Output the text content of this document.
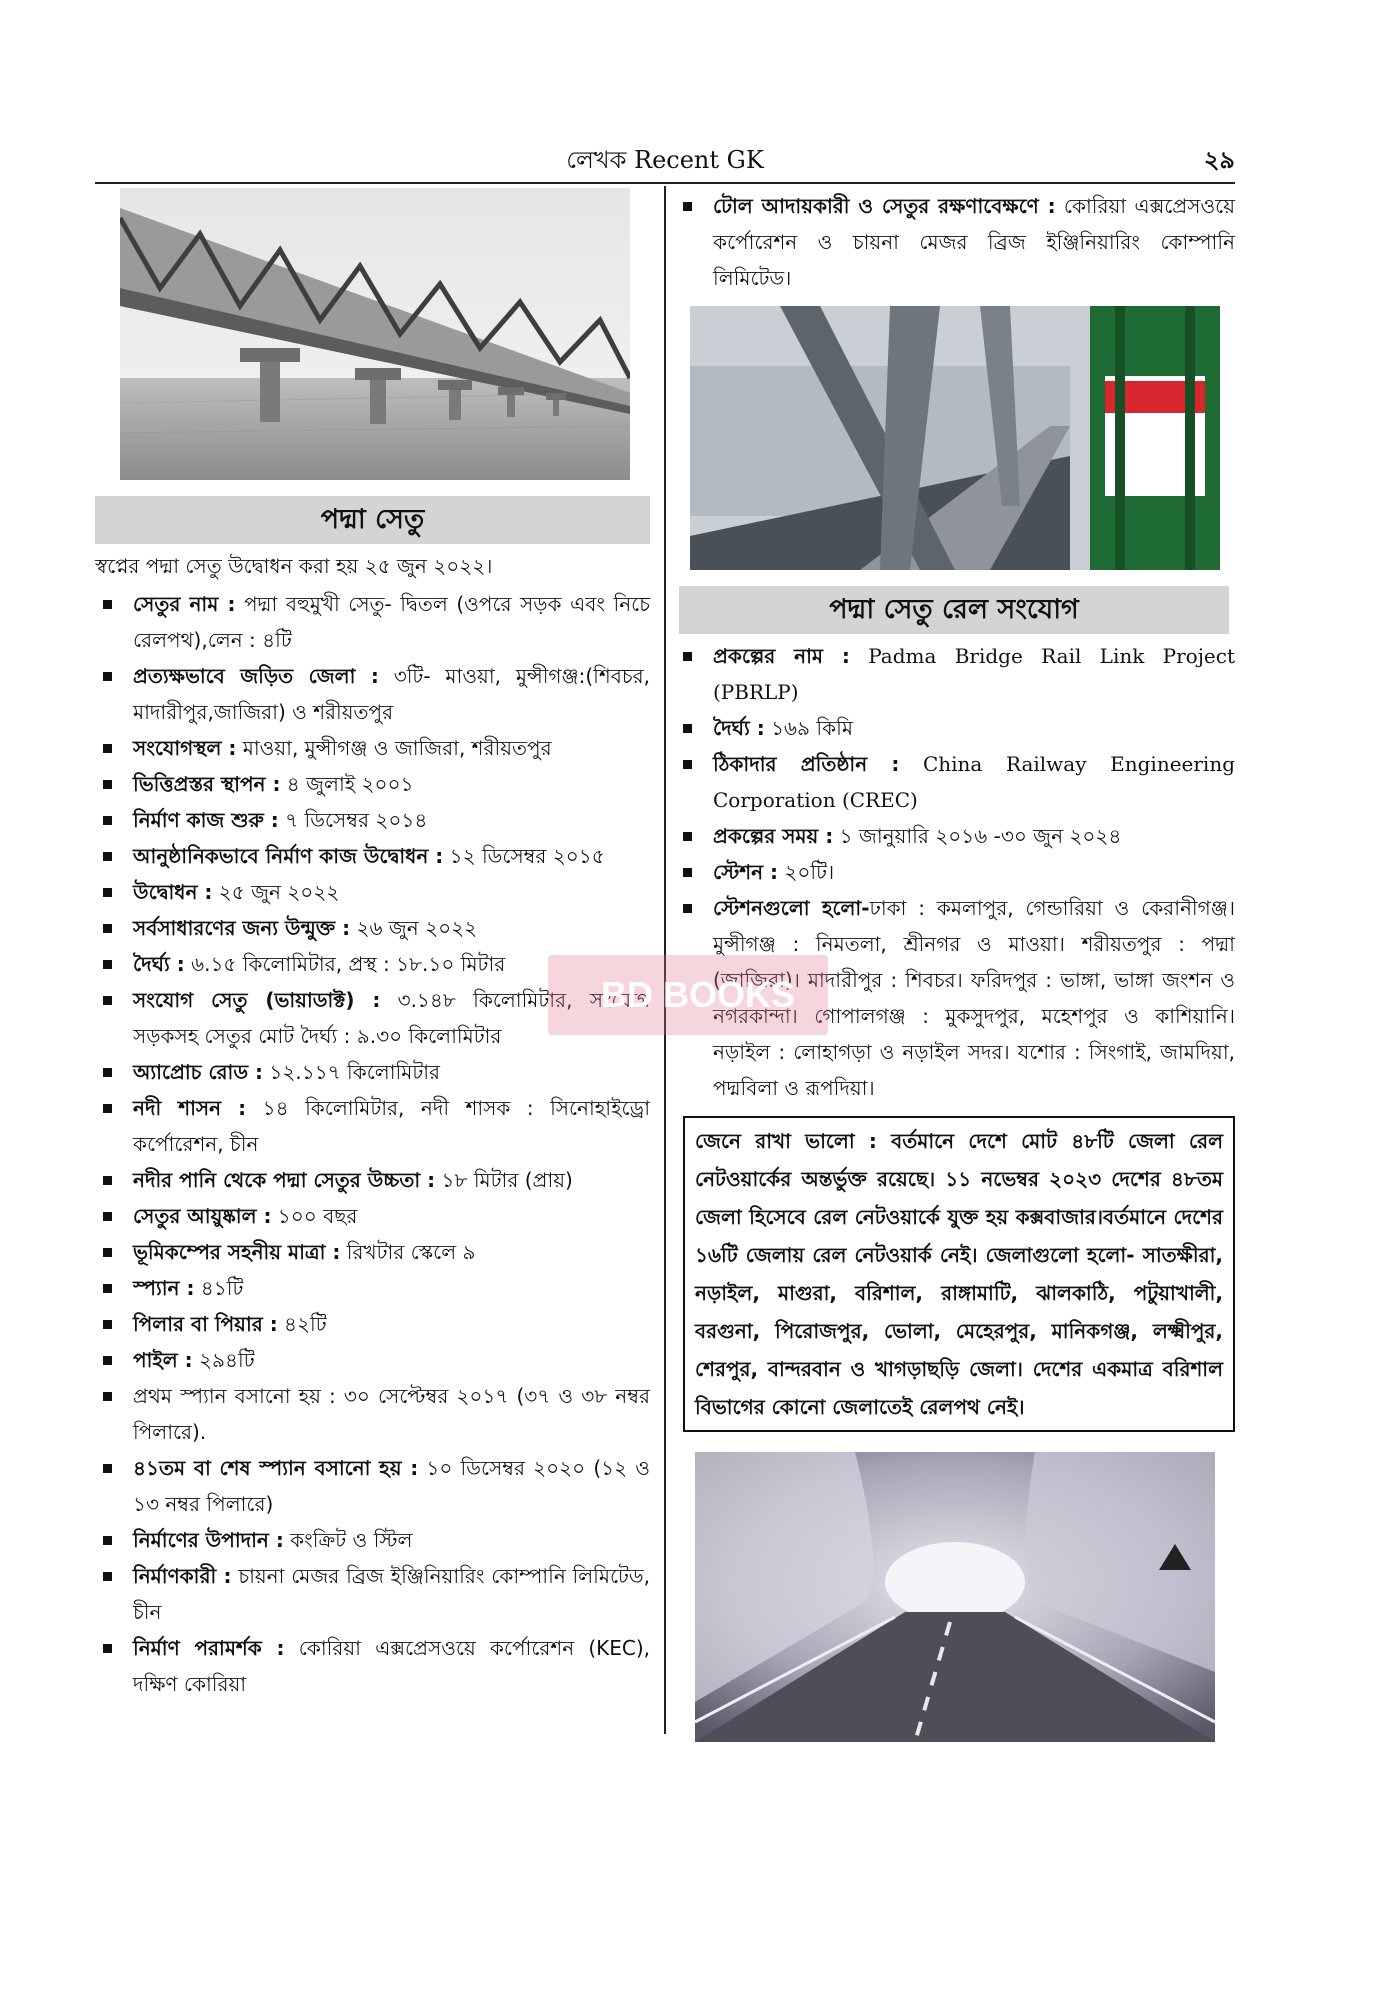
লেখক Recent GK	২৯
পদ্মা সেতু
স্বপ্নের পদ্মা সেতু উদ্বোধন করা হয় ২৫ জুন ২০২২।
সেতুর নাম : পদ্মা বহুমুখী সেতু- দ্বিতল (ওপরে সড়ক এবং নিচে রেলপথ),লেন : ৪টি
প্রত্যক্ষভাবে জড়িত জেলা : ৩টি- মাওয়া, মুন্সীগঞ্জ:(শিবচর, মাদারীপুর,জাজিরা) ও শরীয়তপুর
সংযোগস্থল : মাওয়া, মুন্সীগঞ্জ ও জাজিরা, শরীয়তপুর
ভিত্তিপ্রস্তর স্থাপন : ৪ জুলাই ২০০১
নির্মাণ কাজ শুরু : ৭ ডিসেম্বর ২০১৪
আনুষ্ঠানিকভাবে নির্মাণ কাজ উদ্বোধন : ১২ ডিসেম্বর ২০১৫
উদ্বোধন : ২৫ জুন ২০২২
সর্বসাধারণের জন্য উন্মুক্ত : ২৬ জুন ২০২২
দৈর্ঘ্য : ৬.১৫ কিলোমিটার, প্রস্থ : ১৮.১০ মিটার
সংযোগ সেতু (ভায়াডাক্ট) : ৩.১৪৮ কিলোমিটার, সংযোগ সড়কসহ সেতুর মোট দৈর্ঘ্য : ৯.৩০ কিলোমিটার
অ্যাপ্রোচ রোড : ১২.১১৭ কিলোমিটার
নদী শাসন : ১৪ কিলোমিটার, নদী শাসক : সিনোহাইড্রো কর্পোরেশন, চীন
নদীর পানি থেকে পদ্মা সেতুর উচ্চতা : ১৮ মিটার (প্রায়)
সেতুর আয়ুষ্কাল : ১০০ বছর
ভূমিকম্পের সহনীয় মাত্রা : রিখটার স্কেলে ৯
স্প্যান : ৪১টি
পিলার বা পিয়ার : ৪২টি
পাইল : ২৯৪টি
প্রথম স্প্যান বসানো হয় : ৩০ সেপ্টেম্বর ২০১৭ (৩৭ ও ৩৮ নম্বর পিলারে).
৪১তম বা শেষ স্প্যান বসানো হয় : ১০ ডিসেম্বর ২০২০ (১২ ও ১৩ নম্বর পিলারে)
নির্মাণের উপাদান : কংক্রিট ও স্টিল
নির্মাণকারী : চায়না মেজর ব্রিজ ইঞ্জিনিয়ারিং কোম্পানি লিমিটেড, চীন
নির্মাণ পরামর্শক : কোরিয়া এক্সপ্রেসওয়ে কর্পোরেশন (KEC), দক্ষিণ কোরিয়া
টোল আদায়কারী ও সেতুর রক্ষণাবেক্ষণে : কোরিয়া এক্সপ্রেসওয়ে কর্পোরেশন ও চায়না মেজর ব্রিজ ইঞ্জিনিয়ারিং কোম্পানি লিমিটেড।
পদ্মা সেতু রেল সংযোগ
প্রকল্পের নাম : Padma Bridge Rail Link Project (PBRLP)
দৈর্ঘ্য : ১৬৯ কিমি
ঠিকাদার প্রতিষ্ঠান : China Railway Engineering Corporation (CREC)
প্রকল্পের সময় : ১ জানুয়ারি ২০১৬ -৩০ জুন ২০২৪
স্টেশন : ২০টি।
স্টেশনগুলো হলো-ঢাকা : কমলাপুর, গেন্ডারিয়া ও কেরানীগঞ্জ। মুন্সীগঞ্জ : নিমতলা, শ্রীনগর ও মাওয়া। শরীয়তপুর : পদ্মা (জাজিরা)। মাদারীপুর : শিবচর। ফরিদপুর : ভাঙ্গা, ভাঙ্গা জংশন ও নগরকান্দা। গোপালগঞ্জ : মুকসুদপুর, মহেশপুর ও কাশিয়ানি। নড়াইল : লোহাগড়া ও নড়াইল সদর। যশোর : সিংগাই, জামদিয়া, পদ্মবিলা ও রূপদিয়া।
জেনে রাখা ভালো : বর্তমানে দেশে মোট ৪৮টি জেলা রেল নেটওয়ার্কের অন্তর্ভুক্ত রয়েছে। ১১ নভেম্বর ২০২৩ দেশের ৪৮তম জেলা হিসেবে রেল নেটওয়ার্কে যুক্ত হয় কক্সবাজার।বর্তমানে দেশের ১৬টি জেলায় রেল নেটওয়ার্ক নেই। জেলাগুলো হলো- সাতক্ষীরা, নড়াইল, মাগুরা, বরিশাল, রাঙ্গামাটি, ঝালকাঠি, পটুয়াখালী, বরগুনা, পিরোজপুর, ভোলা, মেহেরপুর, মানিকগঞ্জ, লক্ষ্মীপুর, শেরপুর, বান্দরবান ও খাগড়াছড়ি জেলা। দেশের একমাত্র বরিশাল বিভাগের কোনো জেলাতেই রেলপথ নেই।
BD BOOKS
